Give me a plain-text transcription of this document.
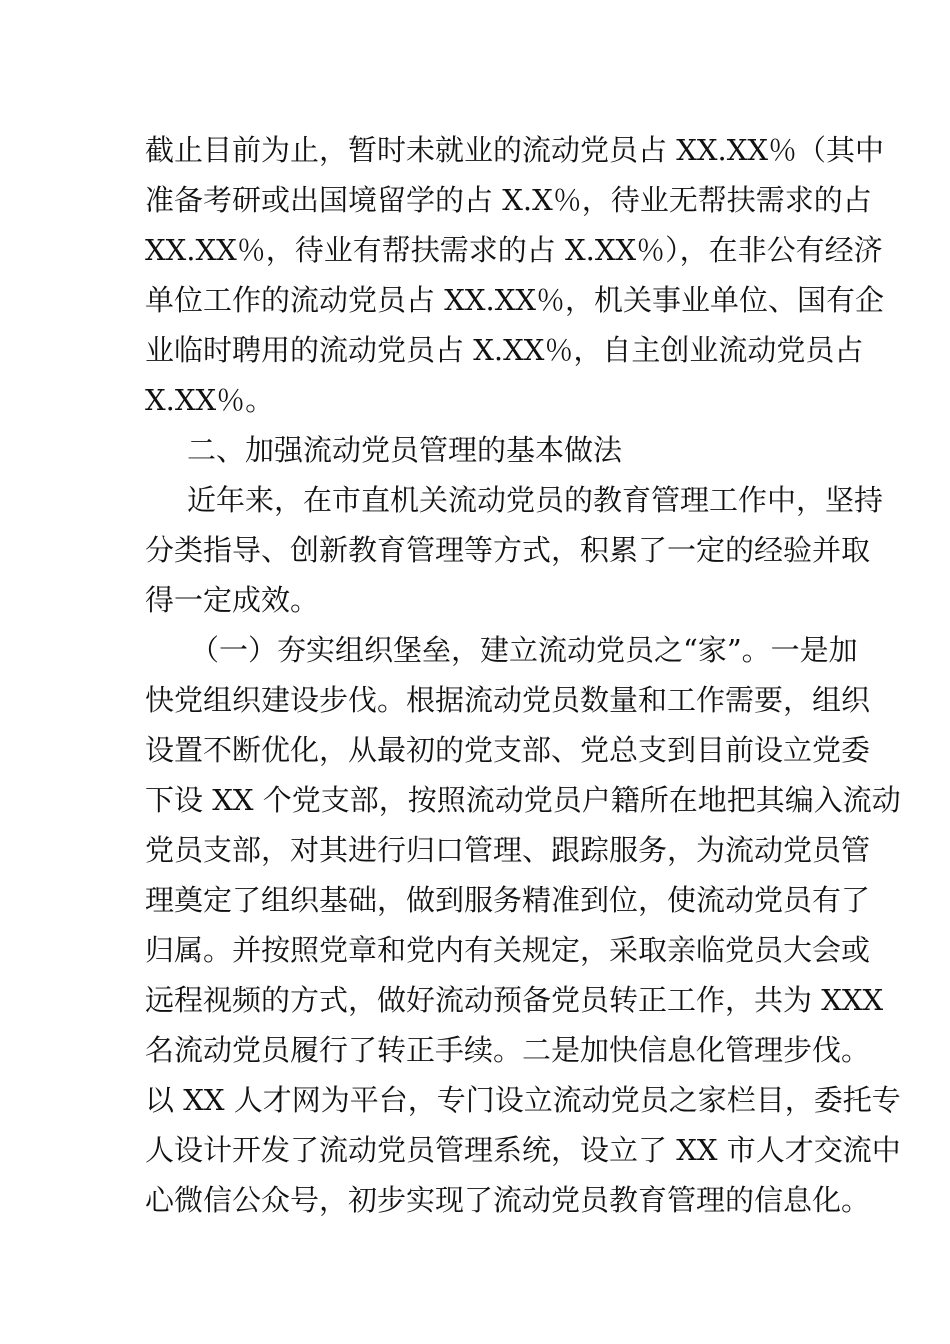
截止目前为止，暂时未就业的流动党员占 XX.XX％（其中
准备考研或出国境留学的占 X.X％，待业无帮扶需求的占
XX.XX％，待业有帮扶需求的占 X.XX％），在非公有经济
单位工作的流动党员占 XX.XX％，机关事业单位、国有企
业临时聘用的流动党员占 X.XX％，自主创业流动党员占
X.XX％。
二、加强流动党员管理的基本做法
近年来，在市直机关流动党员的教育管理工作中，坚持
分类指导、创新教育管理等方式，积累了一定的经验并取
得一定成效。
（一）夯实组织堡垒，建立流动党员之“家”。一是加
快党组织建设步伐。根据流动党员数量和工作需要，组织
设置不断优化，从最初的党支部、党总支到目前设立党委
下设 XX 个党支部，按照流动党员户籍所在地把其编入流动
党员支部，对其进行归口管理、跟踪服务，为流动党员管
理奠定了组织基础，做到服务精准到位，使流动党员有了
归属。并按照党章和党内有关规定，采取亲临党员大会或
远程视频的方式，做好流动预备党员转正工作，共为 XXX
名流动党员履行了转正手续。二是加快信息化管理步伐。
以 XX 人才网为平台，专门设立流动党员之家栏目，委托专
人设计开发了流动党员管理系统，设立了 XX 市人才交流中
心微信公众号，初步实现了流动党员教育管理的信息化。
